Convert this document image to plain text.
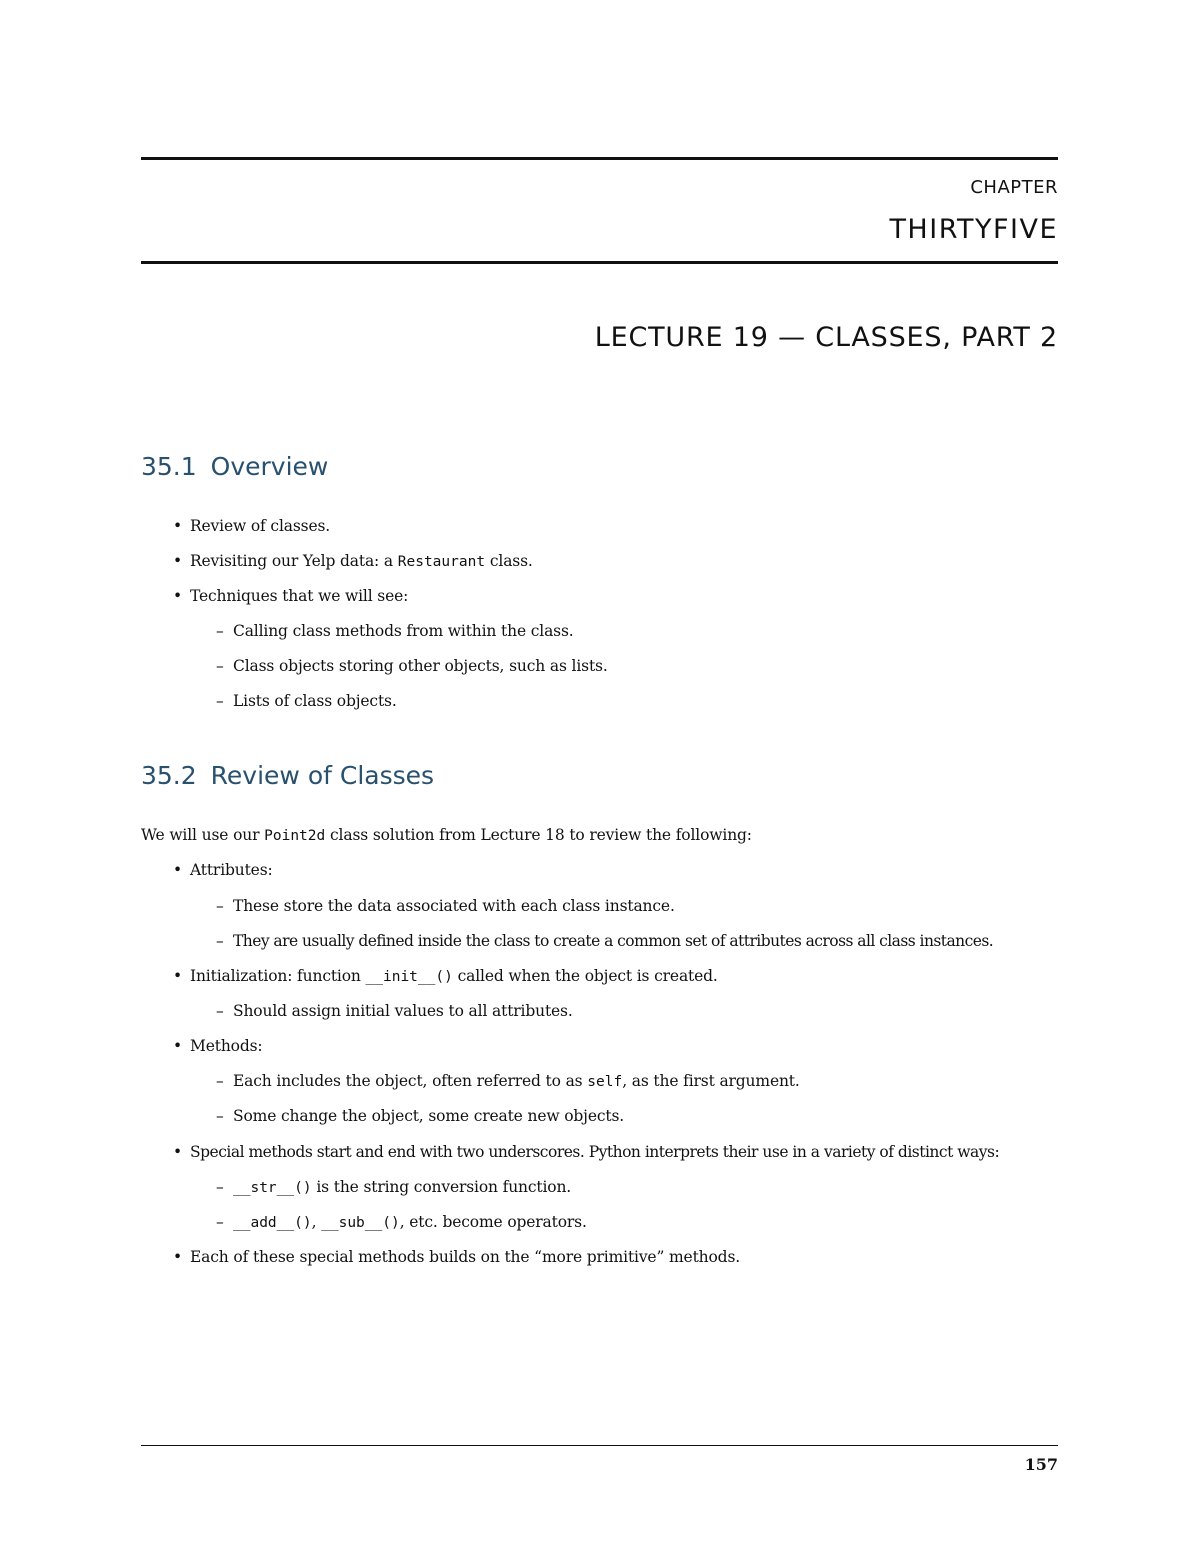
CHAPTER
THIRTYFIVE
LECTURE 19 — CLASSES, PART 2
35.1 Overview
• Review of classes.
• Revisiting our Yelp data: a Restaurant class.
• Techniques that we will see:
– Calling class methods from within the class.
– Class objects storing other objects, such as lists.
– Lists of class objects.
35.2 Review of Classes
We will use our Point2d class solution from Lecture 18 to review the following:
• Attributes:
– These store the data associated with each class instance.
– They are usually defined inside the class to create a common set of attributes across all class instances.
• Initialization: function __init__() called when the object is created.
– Should assign initial values to all attributes.
• Methods:
– Each includes the object, often referred to as self, as the first argument.
– Some change the object, some create new objects.
• Special methods start and end with two underscores. Python interprets their use in a variety of distinct ways:
– __str__() is the string conversion function.
– __add__(), __sub__(), etc. become operators.
• Each of these special methods builds on the “more primitive” methods.
157
